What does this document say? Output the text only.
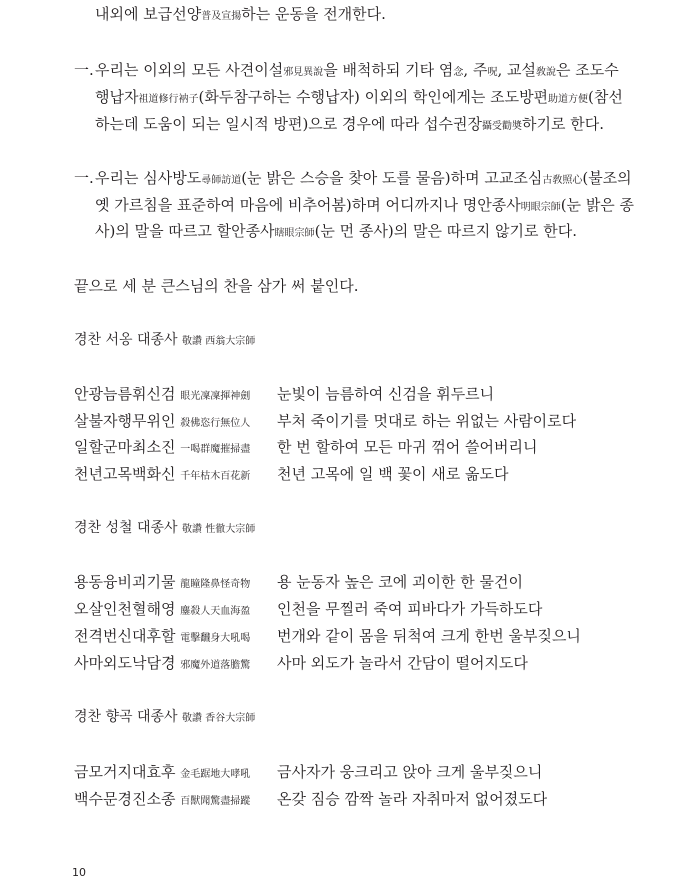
내외에 보급선양普及宣揚하는 운동을 전개한다.
一. 우리는 이외의 모든 사견이설邪見異說을 배척하되 기타 염念, 주呪, 교설敎說은 조도수
행납자祖道修行衲子(화두참구하는 수행납자) 이외의 학인에게는 조도방편助道方便(참선
하는데 도움이 되는 일시적 방편)으로 경우에 따라 섭수권장攝受勸奬하기로 한다.
一. 우리는 심사방도尋師訪道(눈 밝은 스승을 찾아 도를 물음)하며 고교조심古敎照心(불조의
옛 가르침을 표준하여 마음에 비추어봄)하며 어디까지나 명안종사明眼宗師(눈 밝은 종
사)의 말을 따르고 할안종사瞎眼宗師(눈 먼 종사)의 말은 따르지 않기로 한다.
끝으로 세 분 큰스님의 찬을 삼가 써 붙인다.
경찬 서옹 대종사 敬讚 西翁大宗師
안광늠름휘신검 眼光凜凜揮神劍 눈빛이 늠름하여 신검을 휘두르니
살불자행무위인 殺佛恣行無位人 부처 죽이기를 멋대로 하는 위없는 사람이로다
일할군마최소진 一喝群魔摧掃盡 한 번 할하여 모든 마귀 꺾어 쓸어버리니
천년고목백화신 千年枯木百花新 천년 고목에 일 백 꽃이 새로 옮도다
경찬 성철 대종사 敬讚 性徹大宗師
용동융비괴기물 龍瞳隆鼻怪奇物 용 눈동자 높은 코에 괴이한 한 물건이
오살인천혈해영 鏖殺人天血海盈 인천을 무찔러 죽여 피바다가 가득하도다
전격번신대후할 電擊飜身大吼喝 번개와 같이 몸을 뒤척여 크게 한번 울부짖으니
사마외도낙담경 邪魔外道落膽驚 사마 외도가 놀라서 간담이 떨어지도다
경찬 향곡 대종사 敬讚 香谷大宗師
금모거지대효후 金毛踞地大哮吼 금사자가 웅크리고 앉아 크게 울부짖으니
백수문경진소종 百獸聞驚盡掃蹤 온갖 짐승 깜짝 놀라 자취마저 없어졌도다
10
